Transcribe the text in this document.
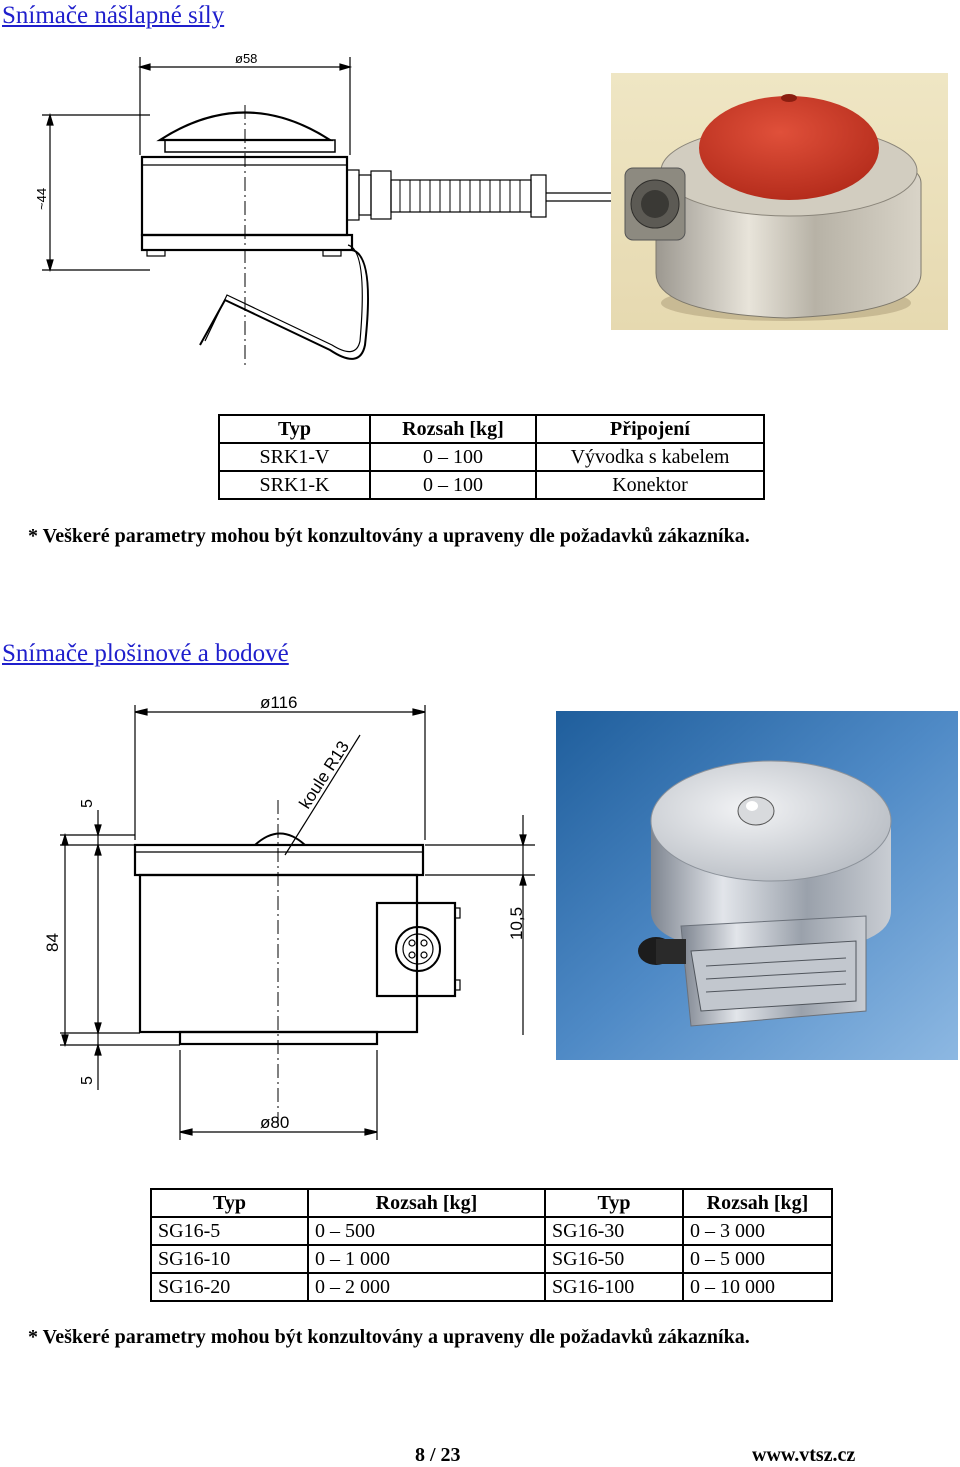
Snímače nášlapné síly
ø58
~44
Typ	Rozsah [kg]	Připojení
SRK1-V	0 – 100	Vývodka s kabelem
SRK1-K	0 – 100	Konektor
* Veškeré parametry mohou být konzultovány a upraveny dle požadavků zákazníka.
Snímače plošinové a bodové
ø116
koule R13
5
84
5
10,5
ø80
Typ	Rozsah [kg]	Typ	Rozsah [kg]
SG16-5	0 – 500	SG16-30	0 – 3 000
SG16-10	0 – 1 000	SG16-50	0 – 5 000
SG16-20	0 – 2 000	SG16-100	0 – 10 000
* Veškeré parametry mohou být konzultovány a upraveny dle požadavků zákazníka.
8 / 23	www.vtsz.cz
